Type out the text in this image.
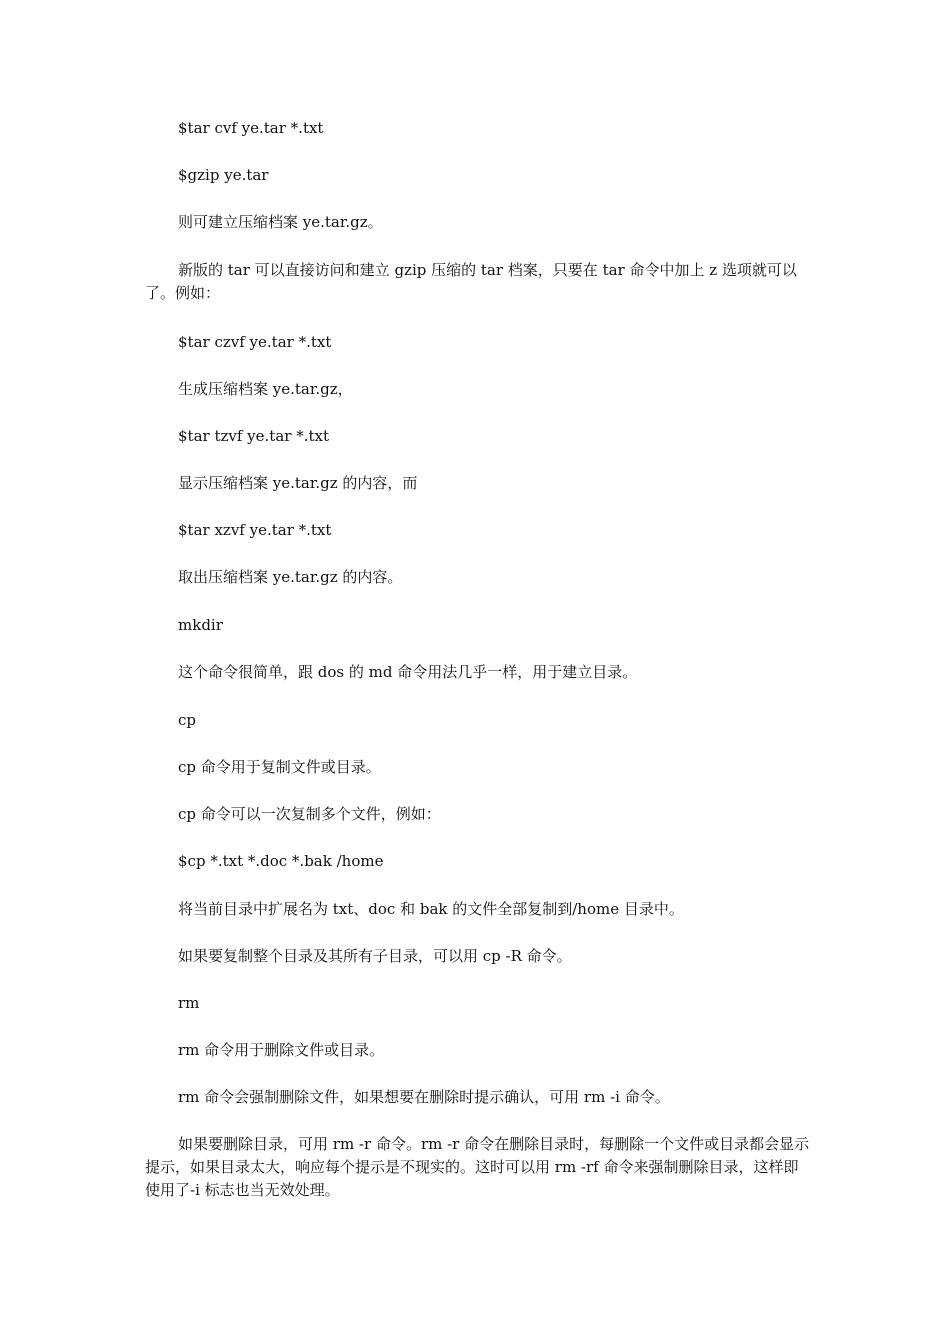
$tar cvf ye.tar *.txt
$gzip ye.tar
则可建立压缩档案 ye.tar.gz。
新版的 tar 可以直接访问和建立 gzip 压缩的 tar 档案，只要在 tar 命令中加上 z 选项就可以了。例如：
$tar czvf ye.tar *.txt
生成压缩档案 ye.tar.gz，
$tar tzvf ye.tar *.txt
显示压缩档案 ye.tar.gz 的内容，而
$tar xzvf ye.tar *.txt
取出压缩档案 ye.tar.gz 的内容。
mkdir
这个命令很简单，跟 dos 的 md 命令用法几乎一样，用于建立目录。
cp
cp 命令用于复制文件或目录。
cp 命令可以一次复制多个文件，例如：
$cp *.txt *.doc *.bak /home
将当前目录中扩展名为 txt、doc 和 bak 的文件全部复制到/home 目录中。
如果要复制整个目录及其所有子目录，可以用 cp -R 命令。
rm
rm 命令用于删除文件或目录。
rm 命令会强制删除文件，如果想要在删除时提示确认，可用 rm -i 命令。
如果要删除目录，可用 rm -r 命令。rm -r 命令在删除目录时，每删除一个文件或目录都会显示提示，如果目录太大，响应每个提示是不现实的。这时可以用 rm -rf 命令来强制删除目录，这样即使用了-i 标志也当无效处理。
